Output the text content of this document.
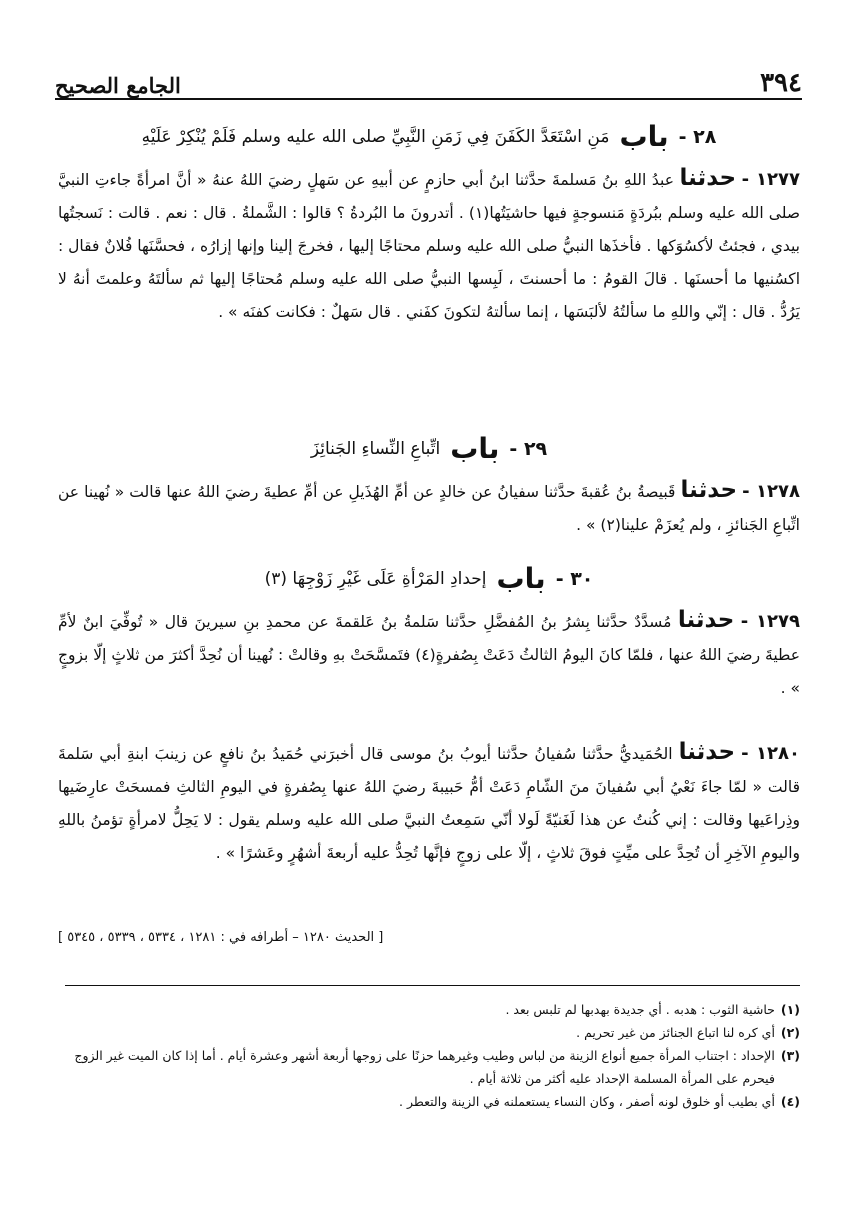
٣٩٤
الجامع الصحيح
٢٨ -
باب
مَنِ اسْتَعَدَّ الكَفَنَ فِي زَمَنِ النَّبِيِّ صلى الله عليه وسلم فَلَمْ يُنْكِرْ عَلَيْهِ

١٢٧٧ - حدثنا عبدُ اللهِ بنُ مَسلمةَ حدَّثنا ابنُ أبي حازمٍ عن أبيهِ عن سَهلٍ رضيَ اللهُ عنهُ « أنَّ امرأةً جاءتِ النبيَّ صلى الله عليه وسلم ببُردَةٍ مَنسوجةٍ فيها حاشيَتُها(١) . أتدرونَ ما البُردةُ ؟ قالوا : الشَّملةُ . قال : نعم . قالت : نَسجتُها بيدي ، فجئتُ لأكسُوَكها . فأخذَها النبيُّ صلى الله عليه وسلم محتاجًا إليها ، فخرجَ إلينا وإنها إزارُه ، فحسَّنَها فُلانٌ فقال : اكسُنيها ما أحسنَها . قالَ القومُ : ما أحسنتَ ، لَبِسها النبيُّ صلى الله عليه وسلم مُحتاجًا إليها ثم سألتَهُ وعلمتَ أنهُ لا يَرُدُّ . قال : إنّي واللهِ ما سألتُهُ لألبَسَها ، إنما سألتهُ لتكونَ كفَني . قال سَهلٌ : فكانت كفنَه » .

٢٩ -
باب
اتِّباعِ النِّساءِ الجَنائِزَ

١٢٧٨ - حدثنا قَبيصةُ بنُ عُقبةَ حدَّثنا سفيانُ عن خالدٍ عن أمِّ الهُذَيلِ عن أمِّ عطيةَ رضيَ اللهُ عنها قالت « نُهينا عن اتِّباعِ الجَنائزِ ، ولم يُعزَمْ علينا(٢) » .

٣٠ -
باب
إحدادِ المَرْأةِ عَلَى غَيْرِ زَوْجِهَا (٣)

١٢٧٩ - حدثنا مُسدَّدٌ حدَّثنا بِشرُ بنُ المُفضَّلِ حدَّثنا سَلمةُ بنُ عَلقمةَ عن محمدِ بنِ سيرينَ قال « تُوفِّيَ ابنٌ لأمِّ عطيةَ رضيَ اللهُ عنها ، فلمّا كانَ اليومُ الثالثُ دَعَتْ بِصُفرةٍ(٤) فتَمسَّحَتْ بهِ وقالتْ : نُهينا أن نُحِدَّ أكثرَ من ثلاثٍ إلّا بزوجٍ » .

١٢٨٠ - حدثنا الحُمَيديُّ حدَّثنا سُفيانُ حدَّثنا أيوبُ بنُ موسى قال أخبرَني حُمَيدُ بنُ نافعٍ عن زينبَ ابنةِ أبي سَلمةَ قالت « لمّا جاءَ نَعْيُ أبي سُفيانَ منَ الشّامِ دَعَتْ أمُّ حَبيبةَ رضيَ اللهُ عنها بِصُفرةٍ في اليومِ الثالثِ فمسحَتْ عارِضَيها وذِراعَيها وقالت : إني كُنتُ عن هذا لَغَنيّةً لَولا أنّي سَمِعتُ النبيَّ صلى الله عليه وسلم يقول : لا يَحِلُّ لامرأةٍ تؤمنُ باللهِ واليومِ الآخِرِ أن تُحِدَّ على ميِّتٍ فوقَ ثلاثٍ ، إلّا على زوجٍ فإنَّها تُحِدُّ عليه أربعةَ أشهُرٍ وعَشرًا » .

[ الحديث ١٢٨٠ – أطرافه في : ١٢٨١ ، ٥٣٣٤ ، ٥٣٣٩ ، ٥٣٤٥ ]
(١)
حاشية الثوب : هدبه . أي جديدة بهدبها لم تلبس بعد .
(٢)
أي كره لنا اتباع الجنائز من غير تحريم .
(٣)
الإحداد : اجتناب المرأة جميع أنواع الزينة من لباس وطيب وغيرهما حزنًا على زوجها أربعة أشهر وعشرة أيام . أما إذا كان الميت غير الزوج فيحرم على المرأة المسلمة الإحداد عليه أكثر من ثلاثة أيام .
(٤)
أي بطيب أو خلوق لونه أصفر ، وكان النساء يستعملنه في الزينة والتعطر .
